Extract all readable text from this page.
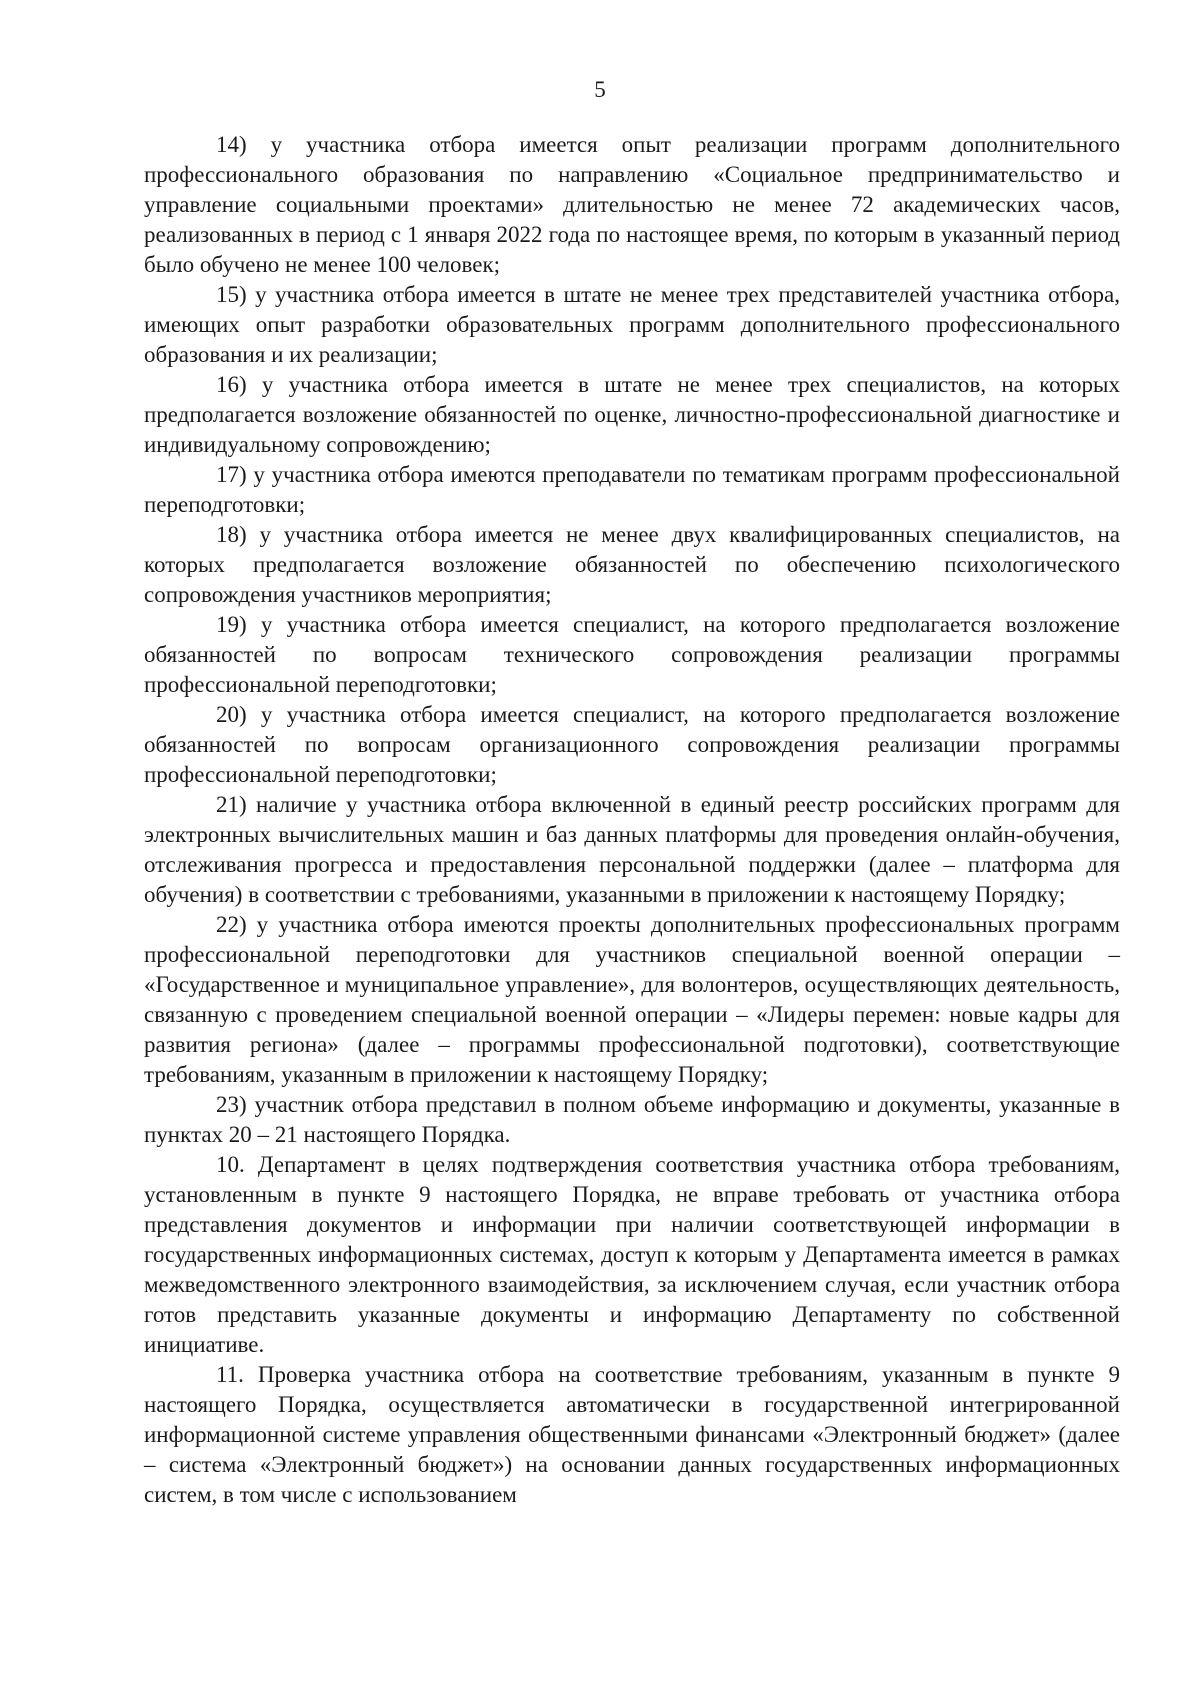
5

14) у участника отбора имеется опыт реализации программ дополнительного профессионального образования по направлению «Социальное предпринимательство и управление социальными проектами» длительностью не менее 72 академических часов, реализованных в период с 1 января 2022 года по настоящее время, по которым в указанный период было обучено не менее 100 человек;

15) у участника отбора имеется в штате не менее трех представителей участника отбора, имеющих опыт разработки образовательных программ дополнительного профессионального образования и их реализации;

16) у участника отбора имеется в штате не менее трех специалистов, на которых предполагается возложение обязанностей по оценке, личностно-профессиональной диагностике и индивидуальному сопровождению;

17) у участника отбора имеются преподаватели по тематикам программ профессиональной переподготовки;

18) у участника отбора имеется не менее двух квалифицированных специалистов, на которых предполагается возложение обязанностей по обеспечению психологического сопровождения участников мероприятия;

19) у участника отбора имеется специалист, на которого предполагается возложение обязанностей по вопросам технического сопровождения реализации программы профессиональной переподготовки;

20) у участника отбора имеется специалист, на которого предполагается возложение обязанностей по вопросам организационного сопровождения реализации программы профессиональной переподготовки;

21) наличие у участника отбора включенной в единый реестр российских программ для электронных вычислительных машин и баз данных платформы для проведения онлайн-обучения, отслеживания прогресса и предоставления персональной поддержки (далее – платформа для обучения) в соответствии с требованиями, указанными в приложении к настоящему Порядку;

22) у участника отбора имеются проекты дополнительных профессиональных программ профессиональной переподготовки для участников специальной военной операции – «Государственное и муниципальное управление», для волонтеров, осуществляющих деятельность, связанную с проведением специальной военной операции – «Лидеры перемен: новые кадры для развития региона» (далее – программы профессиональной подготовки), соответствующие требованиям, указанным в приложении к настоящему Порядку;

23) участник отбора представил в полном объеме информацию и документы, указанные в пунктах 20 – 21 настоящего Порядка.

10. Департамент в целях подтверждения соответствия участника отбора требованиям, установленным в пункте 9 настоящего Порядка, не вправе требовать от участника отбора представления документов и информации при наличии соответствующей информации в государственных информационных системах, доступ к которым у Департамента имеется в рамках межведомственного электронного взаимодействия, за исключением случая, если участник отбора готов представить указанные документы и информацию Департаменту по собственной инициативе.

11. Проверка участника отбора на соответствие требованиям, указанным в пункте 9 настоящего Порядка, осуществляется автоматически в государственной интегрированной информационной системе управления общественными финансами «Электронный бюджет» (далее – система «Электронный бюджет») на основании данных государственных информационных систем, в том числе с использованием
